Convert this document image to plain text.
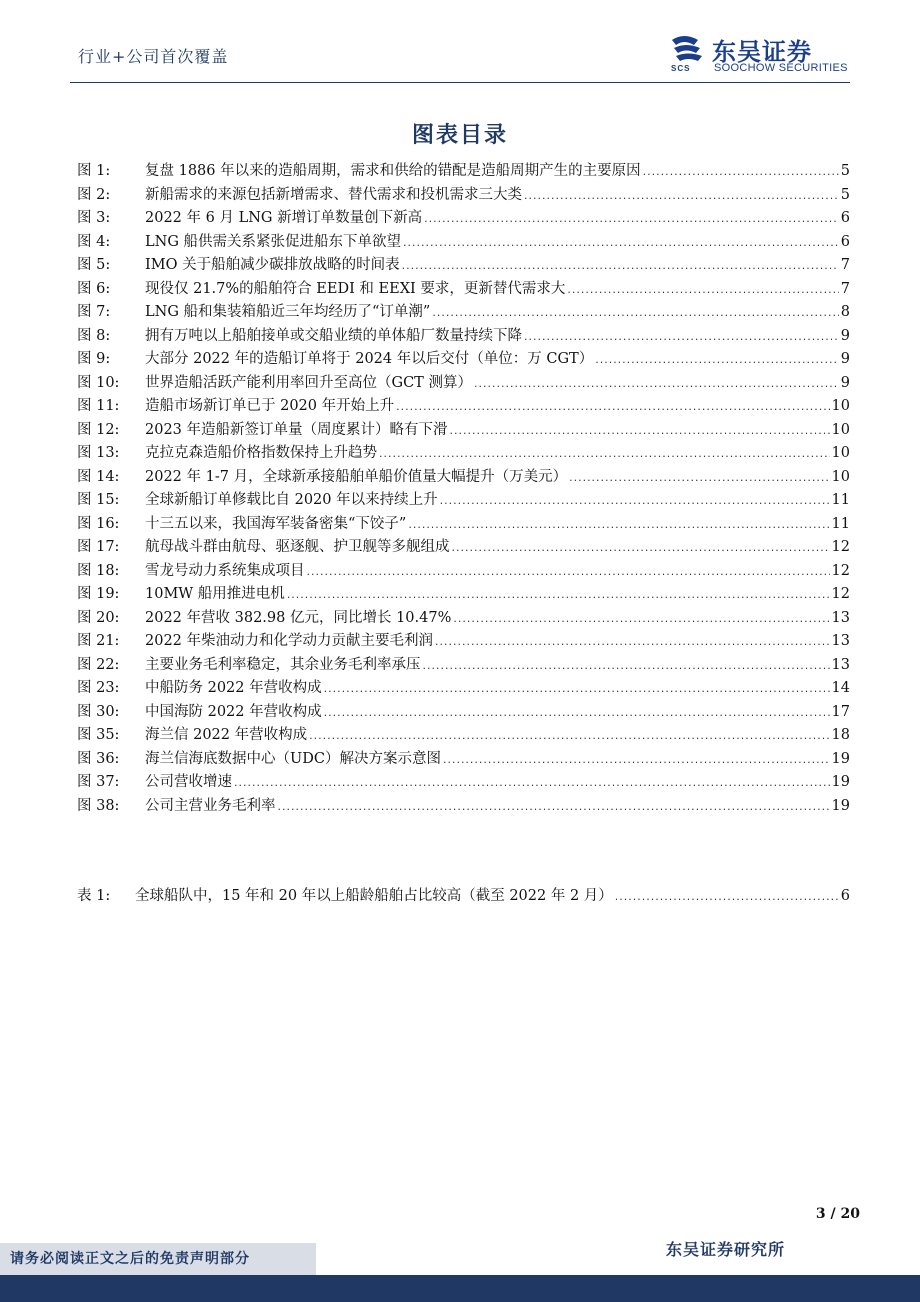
行业+公司首次覆盖
SCS
东吴证券
SOOCHOW SECURITIES
图表目录
图 1:	复盘 1886 年以来的造船周期，需求和供给的错配是造船周期产生的主要原因 .....	5
图 2:	新船需求的来源包括新增需求、替代需求和投机需求三大类 .....	5
图 3:	2022 年 6 月 LNG 新增订单数量创下新高 .....	6
图 4:	LNG 船供需关系紧张促进船东下单欲望 .....	6
图 5:	IMO 关于船舶减少碳排放战略的时间表 .....	7
图 6:	现役仅 21.7%的船舶符合 EEDI 和 EEXI 要求，更新替代需求大 .....	7
图 7:	LNG 船和集装箱船近三年均经历了“订单潮” .....	8
图 8:	拥有万吨以上船舶接单或交船业绩的单体船厂数量持续下降 .....	9
图 9:	大部分 2022 年的造船订单将于 2024 年以后交付（单位：万 CGT） .....	9
图 10:	世界造船活跃产能利用率回升至高位（GCT 测算） .....	9
图 11:	造船市场新订单已于 2020 年开始上升 .....	10
图 12:	2023 年造船新签订单量（周度累计）略有下滑 .....	10
图 13:	克拉克森造船价格指数保持上升趋势 .....	10
图 14:	2022 年 1-7 月，全球新承接船舶单船价值量大幅提升（万美元） .....	10
图 15:	全球新船订单修载比自 2020 年以来持续上升 .....	11
图 16:	十三五以来，我国海军装备密集“下饺子” .....	11
图 17:	航母战斗群由航母、驱逐舰、护卫舰等多舰组成 .....	12
图 18:	雪龙号动力系统集成项目 .....	12
图 19:	10MW 船用推进电机 .....	12
图 20:	2022 年营收 382.98 亿元，同比增长 10.47% .....	13
图 21:	2022 年柴油动力和化学动力贡献主要毛利润 .....	13
图 22:	主要业务毛利率稳定，其余业务毛利率承压 .....	13
图 23:	中船防务 2022 年营收构成 .....	14
图 30:	中国海防 2022 年营收构成 .....	17
图 35:	海兰信 2022 年营收构成 .....	18
图 36:	海兰信海底数据中心（UDC）解决方案示意图 .....	19
图 37:	公司营收增速 .....	19
图 38:	公司主营业务毛利率 .....	19
表 1:	全球船队中，15 年和 20 年以上船龄船舶占比较高（截至 2022 年 2 月） .....	6
3 / 20
东吴证券研究所
请务必阅读正文之后的免责声明部分
